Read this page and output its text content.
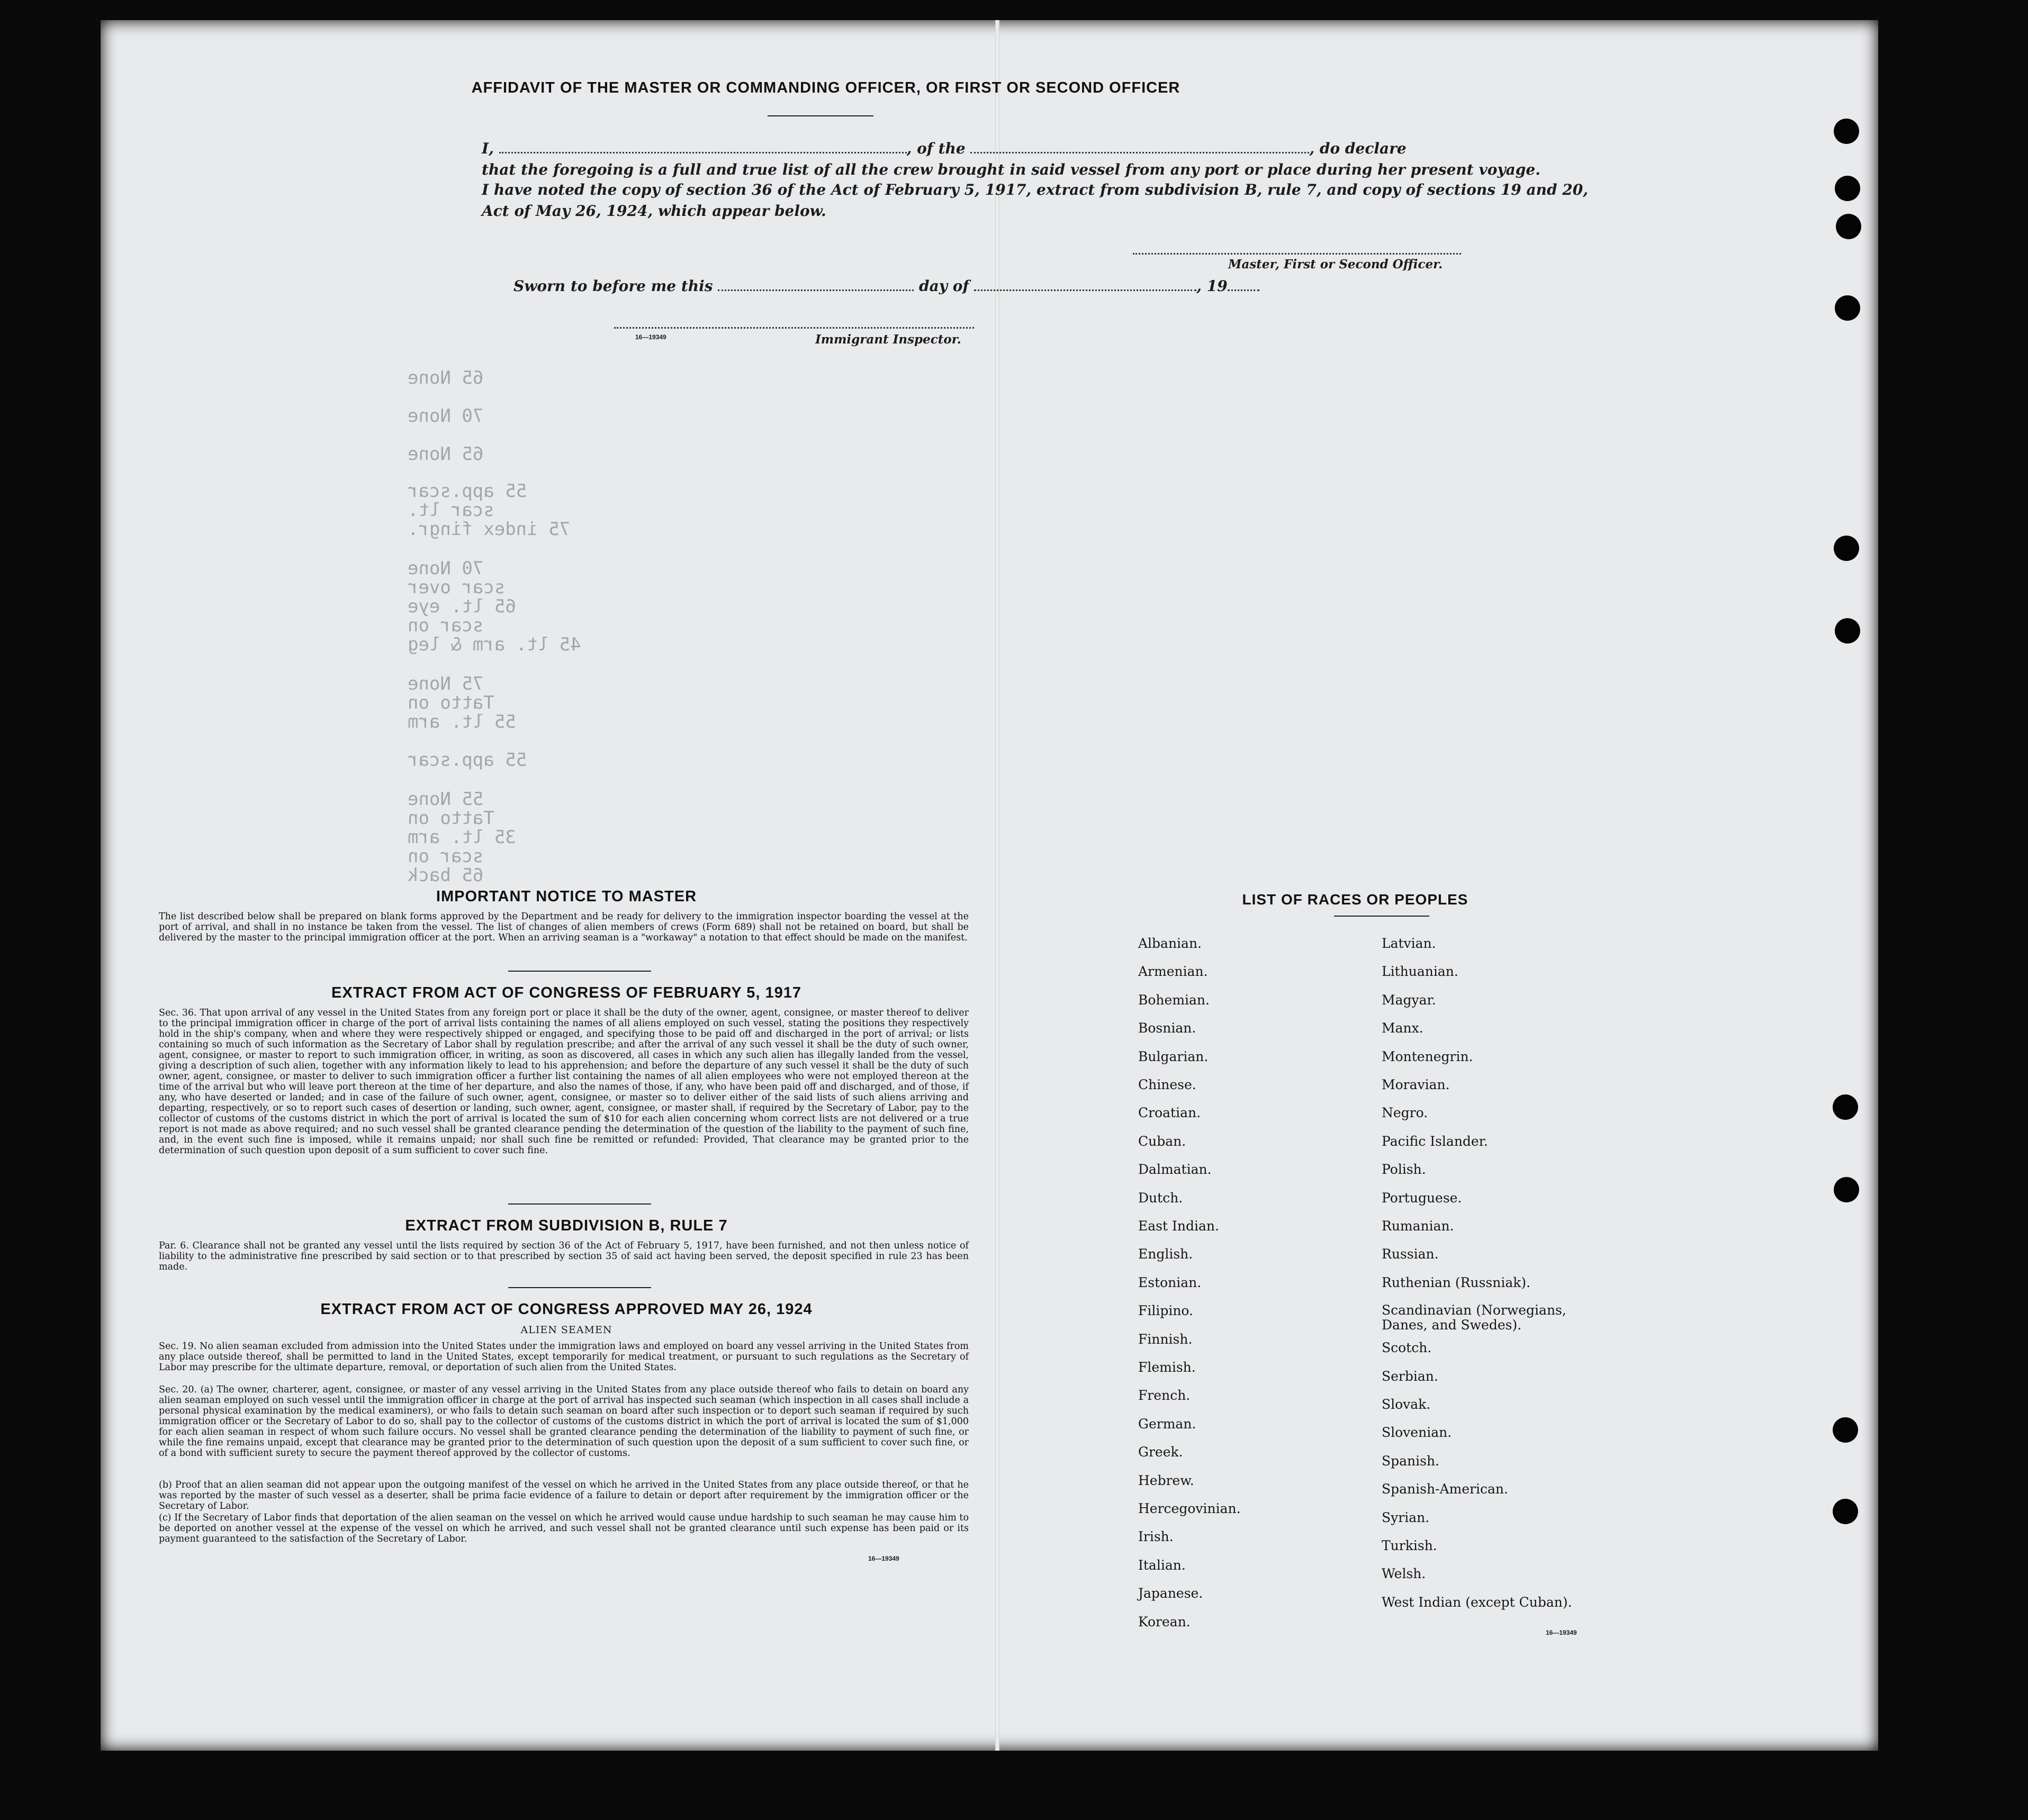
AFFIDAVIT OF THE MASTER OR COMMANDING OFFICER, OR FIRST OR SECOND OFFICER
I,	, of the	, do declare
that the foregoing is a full and true list of all the crew brought in said vessel from any port or place during her present voyage.
I have noted the copy of section 36 of the Act of February 5, 1917, extract from subdivision B, rule 7, and copy of sections 19 and 20,
Act of May 26, 1924, which appear below.
Master, First or Second Officer.
Sworn to before me this	day of	, 19
16—19349	Immigrant Inspector.
65 None
70 None
65 None
55 app.scar
scar lt.
75 index fingr.
70 None
scar over
65 lt. eye
scar on
45 lt. arm & leg
75 None
Tatto on
55 lt. arm
55 app.scar
55 None
Tatto on
35 lt. arm
scar on
65 back
IMPORTANT NOTICE TO MASTER
The list described below shall be prepared on blank forms approved by the Department and be ready for delivery to the immigration inspector boarding the vessel at the port of arrival, and shall in no instance be taken from the vessel. The list of changes of alien members of crews (Form 689) shall not be retained on board, but shall be delivered by the master to the principal immigration officer at the port. When an arriving seaman is a "workaway" a notation to that effect should be made on the manifest.
EXTRACT FROM ACT OF CONGRESS OF FEBRUARY 5, 1917
Sec. 36. That upon arrival of any vessel in the United States from any foreign port or place it shall be the duty of the owner, agent, consignee, or master thereof to deliver to the principal immigration officer in charge of the port of arrival lists containing the names of all aliens employed on such vessel, stating the positions they respectively hold in the ship's company, when and where they were respectively shipped or engaged, and specifying those to be paid off and discharged in the port of arrival; or lists containing so much of such information as the Secretary of Labor shall by regulation prescribe; and after the arrival of any such vessel it shall be the duty of such owner, agent, consignee, or master to report to such immigration officer, in writing, as soon as discovered, all cases in which any such alien has illegally landed from the vessel, giving a description of such alien, together with any information likely to lead to his apprehension; and before the departure of any such vessel it shall be the duty of such owner, agent, consignee, or master to deliver to such immigration officer a further list containing the names of all alien employees who were not employed thereon at the time of the arrival but who will leave port thereon at the time of her departure, and also the names of those, if any, who have been paid off and discharged, and of those, if any, who have deserted or landed; and in case of the failure of such owner, agent, consignee, or master so to deliver either of the said lists of such aliens arriving and departing, respectively, or so to report such cases of desertion or landing, such owner, agent, consignee, or master shall, if required by the Secretary of Labor, pay to the collector of customs of the customs district in which the port of arrival is located the sum of $10 for each alien concerning whom correct lists are not delivered or a true report is not made as above required; and no such vessel shall be granted clearance pending the determination of the question of the liability to the payment of such fine, and, in the event such fine is imposed, while it remains unpaid; nor shall such fine be remitted or refunded: Provided, That clearance may be granted prior to the determination of such question upon deposit of a sum sufficient to cover such fine.
EXTRACT FROM SUBDIVISION B, RULE 7
Par. 6. Clearance shall not be granted any vessel until the lists required by section 36 of the Act of February 5, 1917, have been furnished, and not then unless notice of liability to the administrative fine prescribed by said section or to that prescribed by section 35 of said act having been served, the deposit specified in rule 23 has been made.
EXTRACT FROM ACT OF CONGRESS APPROVED MAY 26, 1924
ALIEN SEAMEN
Sec. 19. No alien seaman excluded from admission into the United States under the immigration laws and employed on board any vessel arriving in the United States from any place outside thereof, shall be permitted to land in the United States, except temporarily for medical treatment, or pursuant to such regulations as the Secretary of Labor may prescribe for the ultimate departure, removal, or deportation of such alien from the United States.
Sec. 20. (a) The owner, charterer, agent, consignee, or master of any vessel arriving in the United States from any place outside thereof who fails to detain on board any alien seaman employed on such vessel until the immigration officer in charge at the port of arrival has inspected such seaman (which inspection in all cases shall include a personal physical examination by the medical examiners), or who fails to detain such seaman on board after such inspection or to deport such seaman if required by such immigration officer or the Secretary of Labor to do so, shall pay to the collector of customs of the customs district in which the port of arrival is located the sum of $1,000 for each alien seaman in respect of whom such failure occurs. No vessel shall be granted clearance pending the determination of the liability to payment of such fine, or while the fine remains unpaid, except that clearance may be granted prior to the determination of such question upon the deposit of a sum sufficient to cover such fine, or of a bond with sufficient surety to secure the payment thereof approved by the collector of customs.
(b) Proof that an alien seaman did not appear upon the outgoing manifest of the vessel on which he arrived in the United States from any place outside thereof, or that he was reported by the master of such vessel as a deserter, shall be prima facie evidence of a failure to detain or deport after requirement by the immigration officer or the Secretary of Labor.
(c) If the Secretary of Labor finds that deportation of the alien seaman on the vessel on which he arrived would cause undue hardship to such seaman he may cause him to be deported on another vessel at the expense of the vessel on which he arrived, and such vessel shall not be granted clearance until such expense has been paid or its payment guaranteed to the satisfaction of the Secretary of Labor.
16—19349
LIST OF RACES OR PEOPLES
Albanian.
Armenian.
Bohemian.
Bosnian.
Bulgarian.
Chinese.
Croatian.
Cuban.
Dalmatian.
Dutch.
East Indian.
English.
Estonian.
Filipino.
Finnish.
Flemish.
French.
German.
Greek.
Hebrew.
Hercegovinian.
Irish.
Italian.
Japanese.
Korean.
Latvian.
Lithuanian.
Magyar.
Manx.
Montenegrin.
Moravian.
Negro.
Pacific Islander.
Polish.
Portuguese.
Rumanian.
Russian.
Ruthenian (Russniak).
Scandinavian (Norwegians, Danes, and Swedes).
Scotch.
Serbian.
Slovak.
Slovenian.
Spanish.
Spanish-American.
Syrian.
Turkish.
Welsh.
West Indian (except Cuban).
16—19349
